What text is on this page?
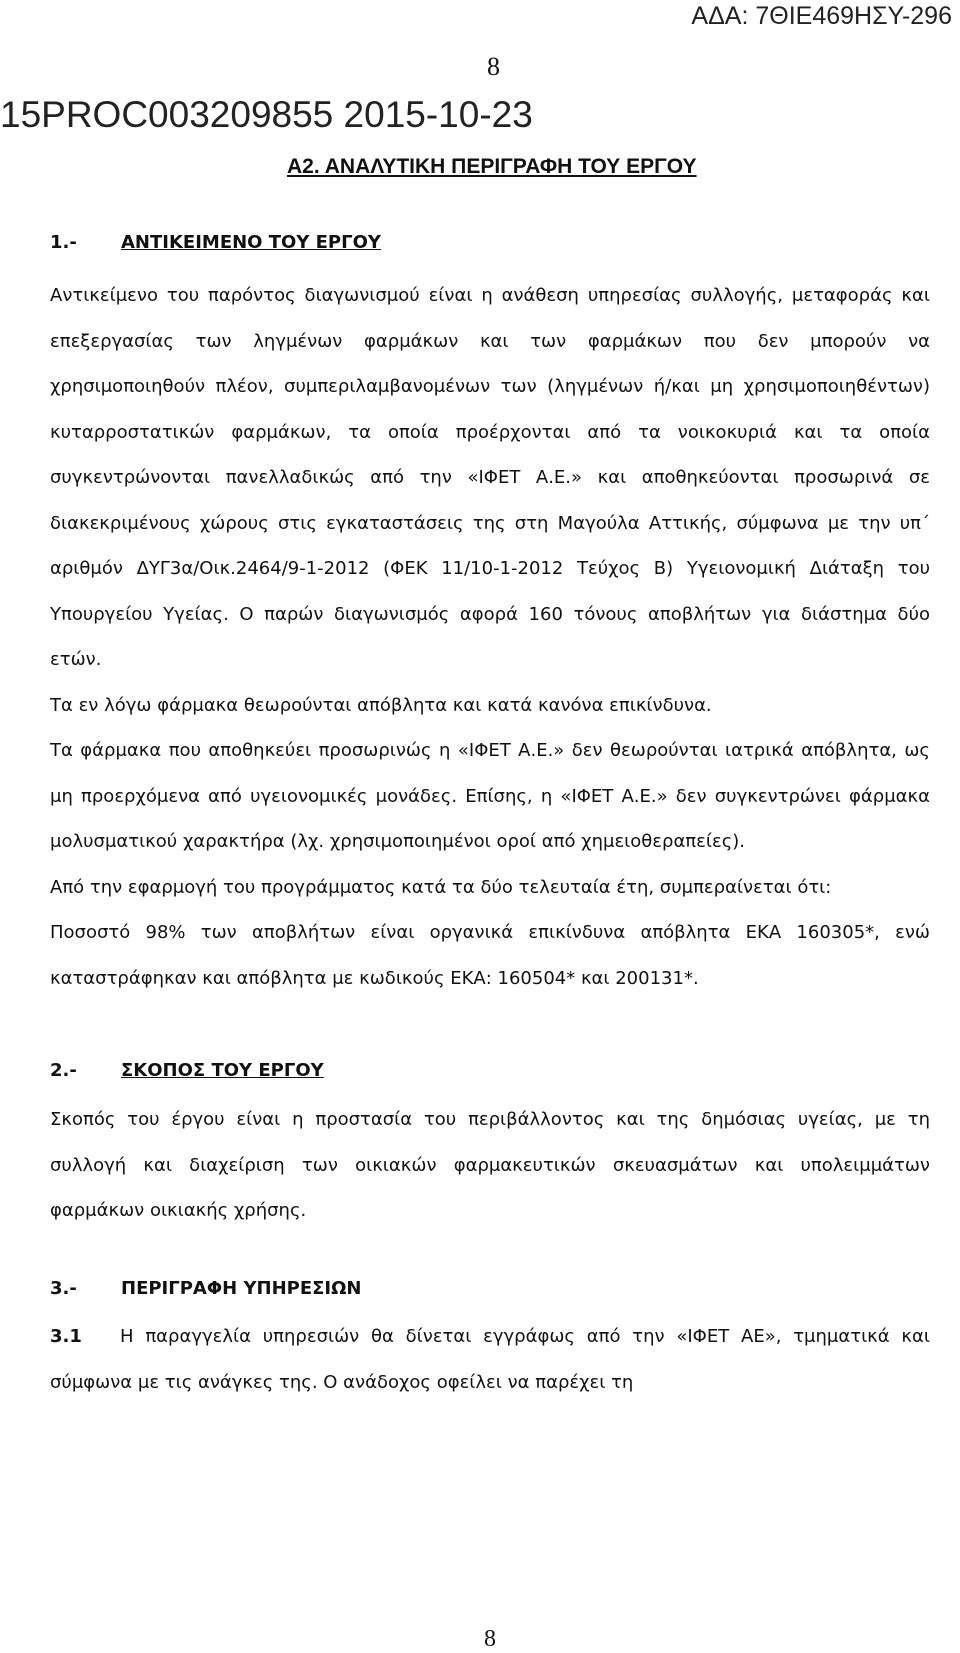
ΑΔΑ: 7ΘΙΕ469ΗΣΥ-296
8
15PROC003209855 2015-10-23
Α2. ΑΝΑΛΥΤΙΚΗ ΠΕΡΙΓΡΑΦΗ ΤΟΥ ΕΡΓΟΥ
1.- ΑΝΤΙΚΕΙΜΕΝΟ ΤΟΥ ΕΡΓΟΥ

Αντικείμενο του παρόντος διαγωνισμού είναι η ανάθεση υπηρεσίας συλλογής, μεταφοράς και επεξεργασίας των ληγμένων φαρμάκων και των φαρμάκων που δεν μπορούν να χρησιμοποιηθούν πλέον, συμπεριλαμβανομένων των (ληγμένων ή/και μη χρησιμοποιηθέντων) κυταρροστατικών φαρμάκων, τα οποία προέρχονται από τα νοικοκυριά και τα οποία συγκεντρώνονται πανελλαδικώς από την «ΙΦΕΤ Α.Ε.» και αποθηκεύονται προσωρινά σε διακεκριμένους χώρους στις εγκαταστάσεις της στη Μαγούλα Αττικής, σύμφωνα με την υπ΄ αριθμόν ΔΥΓ3α/Οικ.2464/9-1-2012 (ΦΕΚ 11/10-1-2012 Τεύχος Β) Υγειονομική Διάταξη του Υπουργείου Υγείας. Ο παρών διαγωνισμός αφορά 160 τόνους αποβλήτων για διάστημα δύο ετών.

Τα εν λόγω φάρμακα θεωρούνται απόβλητα και κατά κανόνα επικίνδυνα.

Τα φάρμακα που αποθηκεύει προσωρινώς η «ΙΦΕΤ Α.Ε.» δεν θεωρούνται ιατρικά απόβλητα, ως μη προερχόμενα από υγειονομικές μονάδες. Επίσης, η «ΙΦΕΤ Α.Ε.» δεν συγκεντρώνει φάρμακα μολυσματικού χαρακτήρα (λχ. χρησιμοποιημένοι οροί από χημειοθεραπείες).

Από την εφαρμογή του προγράμματος κατά τα δύο τελευταία έτη, συμπεραίνεται ότι:

Ποσοστό 98% των αποβλήτων είναι οργανικά επικίνδυνα απόβλητα ΕΚΑ 160305*, ενώ καταστράφηκαν και απόβλητα με κωδικούς ΕΚΑ: 160504* και 200131*.

2.- ΣΚΟΠΟΣ ΤΟΥ ΕΡΓΟΥ

Σκοπός του έργου είναι η προστασία του περιβάλλοντος και της δημόσιας υγείας, με τη συλλογή και διαχείριση των οικιακών φαρμακευτικών σκευασμάτων και υπολειμμάτων φαρμάκων οικιακής χρήσης.

3.- ΠΕΡΙΓΡΑΦΗ ΥΠΗΡΕΣΙΩΝ

3.1 Η παραγγελία υπηρεσιών θα δίνεται εγγράφως από την «ΙΦΕΤ ΑΕ», τμηματικά και σύμφωνα με τις ανάγκες της. Ο ανάδοχος οφείλει να παρέχει τη

8
